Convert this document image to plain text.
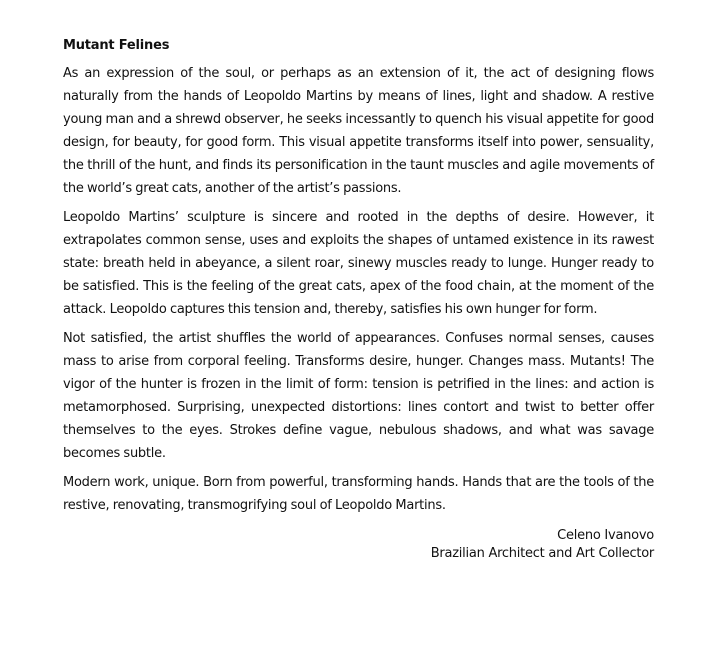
Mutant Felines

As an expression of the soul, or perhaps as an extension of it, the act of designing flows naturally from the hands of Leopoldo Martins by means of lines, light and shadow. A restive young man and a shrewd observer, he seeks incessantly to quench his visual appetite for good design, for beauty, for good form. This visual appetite transforms itself into power, sensuality, the thrill of the hunt, and finds its personification in the taunt muscles and agile movements of the world’s great cats, another of the artist’s passions.

Leopoldo Martins’ sculpture is sincere and rooted in the depths of desire. However, it extrapolates common sense, uses and exploits the shapes of untamed existence in its rawest state: breath held in abeyance, a silent roar, sinewy muscles ready to lunge. Hunger ready to be satisfied. This is the feeling of the great cats, apex of the food chain, at the moment of the attack. Leopoldo captures this tension and, thereby, satisfies his own hunger for form.

Not satisfied, the artist shuffles the world of appearances. Confuses normal senses, causes mass to arise from corporal feeling. Transforms desire, hunger. Changes mass. Mutants! The vigor of the hunter is frozen in the limit of form: tension is petrified in the lines: and action is metamorphosed. Surprising, unexpected distortions: lines contort and twist to better offer themselves to the eyes. Strokes define vague, nebulous shadows, and what was savage becomes subtle.

Modern work, unique. Born from powerful, transforming hands. Hands that are the tools of the restive, renovating, transmogrifying soul of Leopoldo Martins.

Celeno Ivanovo
Brazilian Architect and Art Collector
